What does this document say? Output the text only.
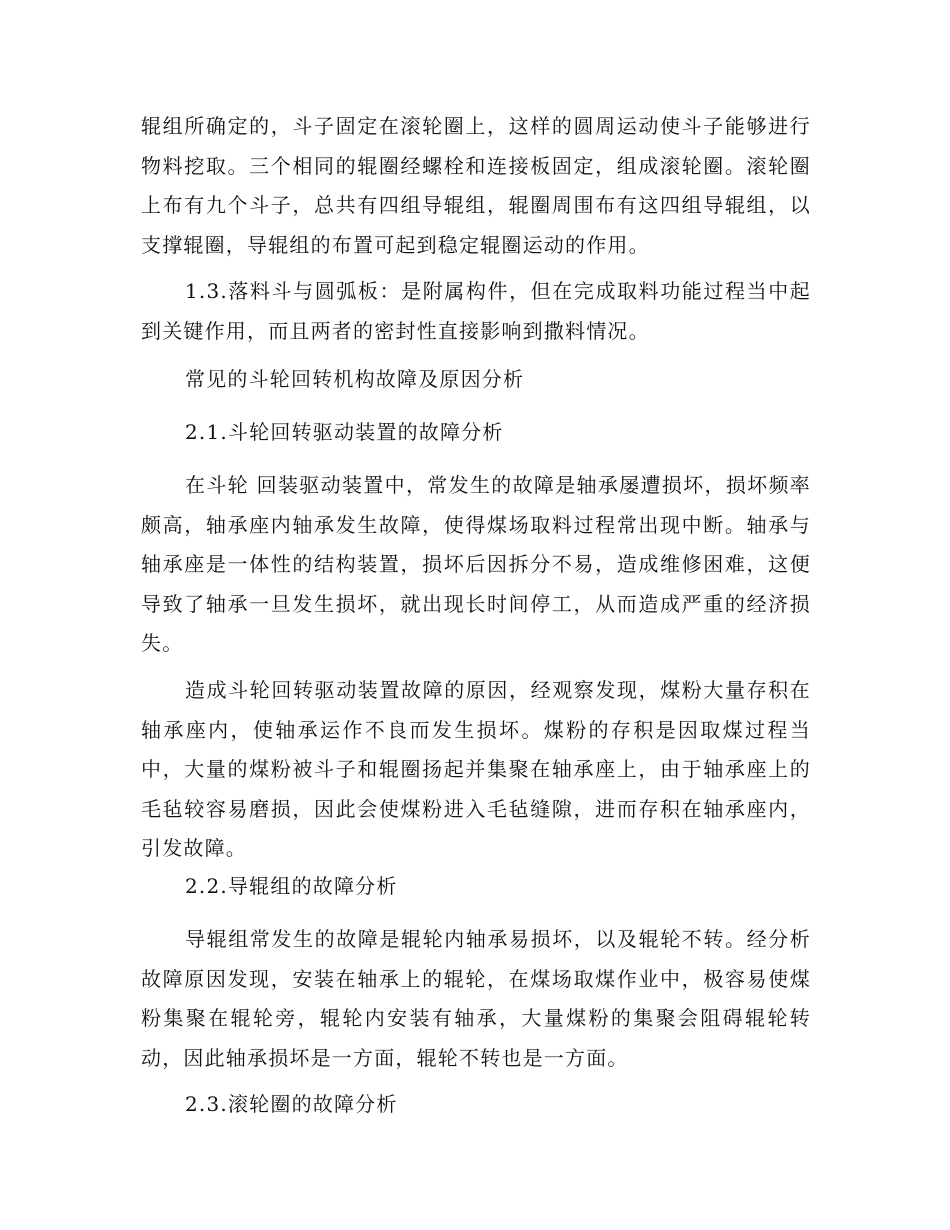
辊组所确定的，斗子固定在滚轮圈上，这样的圆周运动使斗子能够进行物料挖取。三个相同的辊圈经螺栓和连接板固定，组成滚轮圈。滚轮圈上布有九个斗子，总共有四组导辊组，辊圈周围布有这四组导辊组，以支撑辊圈，导辊组的布置可起到稳定辊圈运动的作用。

1.3.落料斗与圆弧板：是附属构件，但在完成取料功能过程当中起到关键作用，而且两者的密封性直接影响到撒料情况。

常见的斗轮回转机构故障及原因分析

2.1.斗轮回转驱动装置的故障分析

在斗轮 回装驱动装置中，常发生的故障是轴承屡遭损坏，损坏频率颇高，轴承座内轴承发生故障，使得煤场取料过程常出现中断。轴承与轴承座是一体性的结构装置，损坏后因拆分不易，造成维修困难，这便导致了轴承一旦发生损坏，就出现长时间停工，从而造成严重的经济损失。

造成斗轮回转驱动装置故障的原因，经观察发现，煤粉大量存积在轴承座内，使轴承运作不良而发生损坏。煤粉的存积是因取煤过程当中，大量的煤粉被斗子和辊圈扬起并集聚在轴承座上，由于轴承座上的毛毡较容易磨损，因此会使煤粉进入毛毡缝隙，进而存积在轴承座内，引发故障。

2.2.导辊组的故障分析

导辊组常发生的故障是辊轮内轴承易损坏，以及辊轮不转。经分析故障原因发现，安装在轴承上的辊轮，在煤场取煤作业中，极容易使煤粉集聚在辊轮旁，辊轮内安装有轴承，大量煤粉的集聚会阻碍辊轮转动，因此轴承损坏是一方面，辊轮不转也是一方面。

2.3.滚轮圈的故障分析
